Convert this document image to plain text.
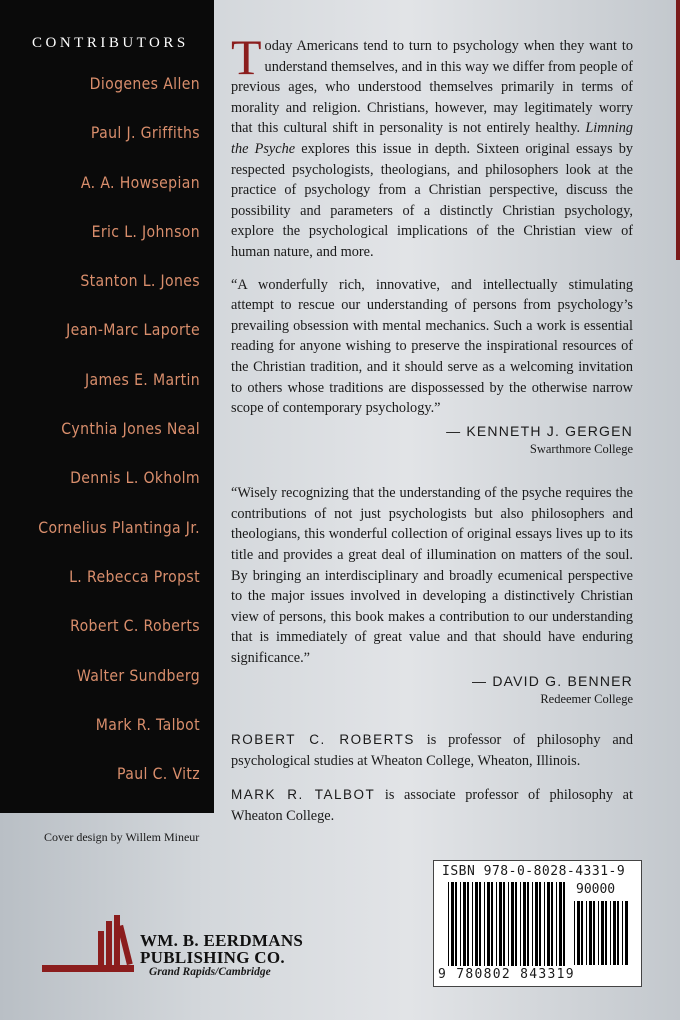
CONTRIBUTORS
Diogenes Allen
Paul J. Griffiths
A. A. Howsepian
Eric L. Johnson
Stanton L. Jones
Jean-Marc Laporte
James E. Martin
Cynthia Jones Neal
Dennis L. Okholm
Cornelius Plantinga Jr.
L. Rebecca Propst
Robert C. Roberts
Walter Sundberg
Mark R. Talbot
Paul C. Vitz

Today Americans tend to turn to psychology when they want to understand themselves, and in this way we differ from people of previous ages, who understood themselves primarily in terms of morality and religion. Christians, however, may legitimately worry that this cultural shift in personality is not entirely healthy. Limning the Psyche explores this issue in depth. Sixteen original essays by respected psychologists, theologians, and philosophers look at the practice of psychology from a Christian perspective, discuss the possibility and parameters of a distinctly Christian psychology, explore the psychological implications of the Christian view of human nature, and more.

“A wonderfully rich, innovative, and intellectually stimulating attempt to rescue our understanding of persons from psychology’s prevailing obsession with mental mechanics. Such a work is essential reading for anyone wishing to preserve the inspirational resources of the Christian tradition, and it should serve as a welcoming invitation to others whose traditions are dispossessed by the otherwise narrow scope of contemporary psychology.”

— KENNETH J. GERGEN
Swarthmore College

“Wisely recognizing that the understanding of the psyche requires the contributions of not just psychologists but also philosophers and theologians, this wonderful collection of original essays lives up to its title and provides a great deal of illumination on matters of the soul. By bringing an interdisciplinary and broadly ecumenical perspective to the major issues involved in developing a distinctively Christian view of persons, this book makes a contribution to our understanding that is immediately of great value and that should have enduring significance.”

— DAVID G. BENNER
Redeemer College

ROBERT C. ROBERTS is professor of philosophy and psychological studies at Wheaton College, Wheaton, Illinois.

MARK R. TALBOT is associate professor of philosophy at Wheaton College.

Cover design by Willem Mineur
WM. B. EERDMANS
PUBLISHING CO.
Grand Rapids/Cambridge
ISBN 978-0-8028-4331-9
90000
9 780802 843319
